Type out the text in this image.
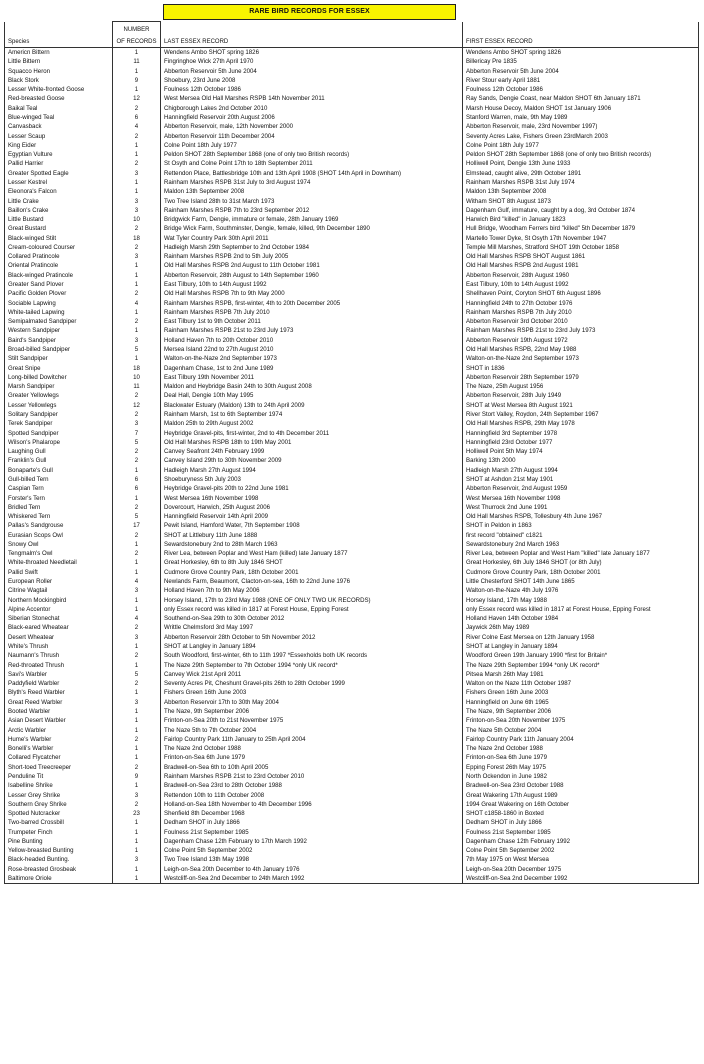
RARE BIRD RECORDS FOR ESSEX
	NUMBER		
Species	OF RECORDS	LAST ESSEX RECORD	FIRST ESSEX RECORD
Americn Bittern	1	Wendens Ambo SHOT spring 1826	Wendens Ambo SHOT spring 1826
Little Bittern	11	Fingringhoe Wick 27th April 1970	Billericay Pre 1835
Squacco Heron	1	Abberton Reservoir 5th June 2004	Abberton Reservoir 5th June 2004
Black Stork	9	Shoebury, 23rd June 2008	River Stour early April 1881
Lesser White-fronted Goose	1	Foulness 12th October 1986	Foulness 12th October 1986
Red-breasted Goose	12	West Mersea Old Hall Marshes RSPB 14th November 2011	Ray Sands, Dengie Coast, near Maldon SHOT 6th January 1871
Baikal Teal	2	Chigborough Lakes 2nd October 2010	Marsh House Decoy, Maldon SHOT 1st January 1906
Blue-winged Teal	6	Hanningfield Reservoir 20th August 2006	Stanford Warren, male, 9th May 1989
Canvasback	4	Abberton Reservoir, male, 12th November 2000	Abberton Reservoir, male, 23rd November 1997)
Lesser Scaup	2	Abberton Reservoir 11th December 2004	Seventy Acres Lake, Fishers Green 23rdMarch 2003
King Eider	1	Colne Point 18th July 1977	Colne Point 18th July 1977
Egyptian Vulture	1	Peldon SHOT 28th September 1868 (one of only two British records)	Peldon SHOT 28th September 1868 (one of only two British records)
Pallid Harrier	2	St Osyth and Colne Point 17th to 18th September 2011	Holliwell Point, Dengie 13th June 1933
Greater Spotted Eagle	3	Rettendon Place, Battlesbridge 10th and 13th April 1908 (SHOT 14th April in Downham)	Elmstead, caught alive, 29th October 1891
Lesser Kestrel	1	Rainham Marshes RSPB 31st July to 3rd August 1974	Rainham Marshes RSPB 31st July 1974
Eleonora's Falcon	1	Maldon 13th September 2008	Maldon 13th September 2008
Little Crake	3	Two Tree Island 28th to 31st March 1973	Witham SHOT 8th August 1873
Baillon's Crake	3	Rainham Marshes RSPB 7th to 23rd September 2012	Dagenham Gulf, immature, caught by a dog, 3rd October 1874
Little Bustard	10	Bridgwick Farm, Dengie, immature or female, 28th January 1969	Harwich Bird "killed" in January 1823
Great Bustard	2	Bridge Wick Farm, Southminster, Dengie, female, killed, 9th December 1890	Hull Bridge, Woodham Ferrers bird "killed" 5th December 1879
Black-winged Stilt	18	Wat Tyler Country Park 30th April 2011	Martello Tower Dyke, St Osyth 17th November 1947
Cream-coloured Courser	2	Hadleigh Marsh 29th September to 2nd October 1984	Temple Mill Marshes, Stratford SHOT 19th October 1858
Collared Pratincole	3	Rainham Marshes RSPB 2nd to 5th July 2005	Old Hall Marshes RSPB SHOT August 1861
Oriental Pratincole	1	Old Hall Marshes RSPB 2nd August to 11th October 1981	Old Hall Marshes RSPB 2nd August 1981
Black-winged Pratincole	1	Abberton Reservoir, 28th August to 14th September 1960	Abberton Reservoir, 28th August 1960
Greater Sand Plover	1	East Tilbury, 10th to 14th August 1992	East Tilbury, 10th to 14th August 1992
Pacific Golden Plover	2	Old Hall Marshes RSPB 7th to 9th May 2000	Shellhaven Point, Coryton SHOT 6th August 1896
Sociable Lapwing	4	Rainham Marshes RSPB, first-winter, 4th to 20th December 2005	Hanningfield 24th to 27th October 1976
White-tailed Lapwing	1	Rainham Marshes RSPB 7th July 2010	Rainham Marshes RSPB 7th July 2010
Semipalmated Sandpiper	2	East Tilbury 1st to 9th October 2011	Abberton Reservoir 3rd October 2010
Western Sandpiper	1	Rainham Marshes RSPB 21st to 23rd July 1973	Rainham Marshes RSPB 21st to 23rd July 1973
Baird's Sandpiper	3	Holland Haven 7th to 20th October 2010	Abberton Reservoir 19th August 1972
Broad-billed Sandpiper	5	Mersea Island 22nd to 27th August 2010	Old Hall Marshes RSPB, 22nd May 1988
Stilt Sandpiper	1	Walton-on-the-Naze 2nd September 1973	Walton-on-the-Naze 2nd September 1973
Great Snipe	18	Dagenham Chase, 1st to 2nd June 1989	SHOT in 1836
Long-billed Dowitcher	10	East Tilbury 19th November 2011	Abberton Reservoir 28th September 1979
Marsh Sandpiper	11	Maldon and Heybridge Basin 24th to 30th August 2008	The Naze, 25th August 1956
Greater Yellowlegs	2	Deal Hall, Dengie 10th May 1995	Abberton Reservoir, 28th July 1949
Lesser Yellowlegs	12	Blackwater Estuary (Maldon) 13th to 24th April 2009	SHOT at West Mersea 8th August 1921
Solitary Sandpiper	2	Rainham Marsh, 1st to 6th September 1974	River Stort Valley, Roydon, 24th September 1967
Terek Sandpiper	3	Maldon 25th to 29th August 2002	Old Hall Marshes RSPB, 29th May 1978
Spotted Sandpiper	7	Heybridge Gravel-pits, first-winter, 2nd to 4th December 2011	Hanningfield 3rd September 1978
Wilson's Phalarope	5	Old Hall Marshes RSPB 18th to 19th May 2001	Hanningfield 23rd October 1977
Laughing Gull	2	Canvey Seafront 24th February 1999	Holliwell Point 5th May 1974
Franklin's Gull	2	Canvey Island 29th to 30th November 2009	Barking 13th 2000
Bonaparte's Gull	1	Hadleigh Marsh 27th August 1994	Hadleigh Marsh 27th August 1994
Gull-billed Tern	6	Shoeburyness 5th July 2003	SHOT at Ashdon 21st May 1901
Caspian Tern	6	Heybridge Gravel-pits 20th to 22nd June 1981	Abberton Reservoir, 2nd August 1959
Forster's Tern	1	West Mersea 16th November 1998	West Mersea 16th November 1998
Bridled Tern	2	Dovercourt, Harwich, 25th August 2006	West Thurrock 2nd June 1991
Whiskered Tern	5	Hanningfield Reservoir 14th April 2009	Old Hall Marshes RSPB, Tollesbury 4th June 1967
Pallas's Sandgrouse	17	Pewit Island, Hamford Water, 7th September 1908	SHOT in Peldon in 1863
Eurasian Scops Owl	2	SHOT at Littlebury 11th June 1888	first record "obtained" c1821
Snowy Owl	1	Sewardstonebury 2nd to 28th March 1963	Sewardstonebury 2nd March 1963
Tengmalm's Owl	2	River Lea, between Poplar and West Ham (killed) late January 1877	River Lea, between Poplar and West Ham "killed" late January 1877
White-throated Needletail	1	Great Horkesley, 6th to 8th July 1846 SHOT	Great Horkesley, 6th July 1846 SHOT (or 8th July)
Pallid Swift	1	Cudmore Grove Country Park, 18th October 2001	Cudmore Grove Country Park, 18th October 2001
European Roller	4	Newlands Farm, Beaumont, Clacton-on-sea, 16th to 22nd June 1976	Little Chesterford SHOT 14th June 1865
Citrine Wagtail	3	Holland Haven 7th to 9th May 2006	Walton-on-the-Naze 4th July 1976
Northern Mockingbird	1	Horsey Island, 17th to 23rd May 1988 (ONE OF ONLY TWO UK RECORDS)	Horsey Island, 17th May 1988
Alpine Accentor	1	only Essex record was killed in 1817 at Forest House, Epping Forest	only Essex record was killed in 1817 at Forest House, Epping Forest
Siberian Stonechat	4	Southend-on-Sea 29th to 30th October 2012	Holland Haven 14th October 1984
Black-eared Wheatear	2	Writtle Chelmsford 3rd May 1997	Jaywick 26th May 1989
Desert Wheatear	3	Abberton Reservoir 28th October to 5th November 2012	River Colne East Mersea on 12th January 1958
White's Thrush	1	SHOT at Langley in January 1894	SHOT at Langley in January 1894
Naumann's Thrush	2	South Woodford, first-winter, 6th to 11th 1997 *Essexholds both UK records	Woodford Green 19th January 1990 *first for Britain*
Red-throated Thrush	1	The Naze 29th September to 7th October 1994 *only UK record*	The Naze 29th September 1994 *only UK record*
Savi's Warbler	5	Canvey Wick 21st April 2011	Pitsea Marsh 26th May 1981
Paddyfield Warbler	2	Seventy Acres Pit, Cheshunt Gravel-pits 26th to 28th October 1999	Walton on the Naze 11th October 1987
Blyth's Reed Warbler	1	Fishers Green 16th June 2003	Fishers Green 16th June 2003
Great Reed Warbler	3	Abberton Reservoir 17th to 30th May 2004	Hanningfield on June 6th 1965
Booted Warbler	1	The Naze, 9th September 2006	The Naze, 9th September 2006
Asian Desert Warbler	1	Frinton-on-Sea 20th to 21st November 1975	Frinton-on-Sea 20th November 1975
Arctic Warbler	1	The Naze 5th to 7th October 2004	The Naze 5th October 2004
Hume's Warbler	2	Fairlop Country Park 11th January to 25th April 2004	Fairlop Country Park 11th January 2004
Bonelli's Warbler	1	The Naze 2nd October 1988	The Naze 2nd October 1988
Collared Flycatcher	1	Frinton-on-Sea 6th June 1979	Frinton-on-Sea 6th June 1979
Short-toed Treecreeper	2	Bradwell-on-Sea 6th to 10th April 2005	Epping Forest 26th May 1975
Penduline Tit	9	Rainham Marshes RSPB 21st to 23rd October 2010	North Ockendon in June 1982
Isabelline Shrike	1	Bradwell-on-Sea 23rd to 28th October 1988	Bradwell-on-Sea 23rd October 1988
Lesser Grey Shrike	3	Rettendon 10th to 11th October 2008	Great Wakering 17th August 1989
Southern Grey Shrike	2	Holland-on-Sea 18th November to 4th December 1996	1994 Great Wakering on 16th October
Spotted Nutcracker	23	Shenfield 8th December 1968	SHOT c1858-1860 in Boxted
Two-barred Crossbill	1	Dedham SHOT in July 1866	Dedham SHOT in July 1866
Trumpeter Finch	1	Foulness 21st September 1985	Foulness 21st September 1985
Pine Bunting	1	Dagenham Chase 12th February to 17th March 1992	Dagenham Chase 12th February 1992
Yellow-breasted Bunting	1	Colne Point 5th September 2002	Colne Point 5th September 2002
Black-headed Bunting.	3	Two Tree Island 13th May 1998	7th May 1975 on West Mersea
Rose-breasted Grosbeak	1	Leigh-on-Sea 20th December to 4th January 1976	Leigh-on-Sea 20th December 1975
Baltimore Oriole	1	Westcliff-on-Sea 2nd December to 24th March 1992	Westcliff-on-Sea 2nd December 1992
